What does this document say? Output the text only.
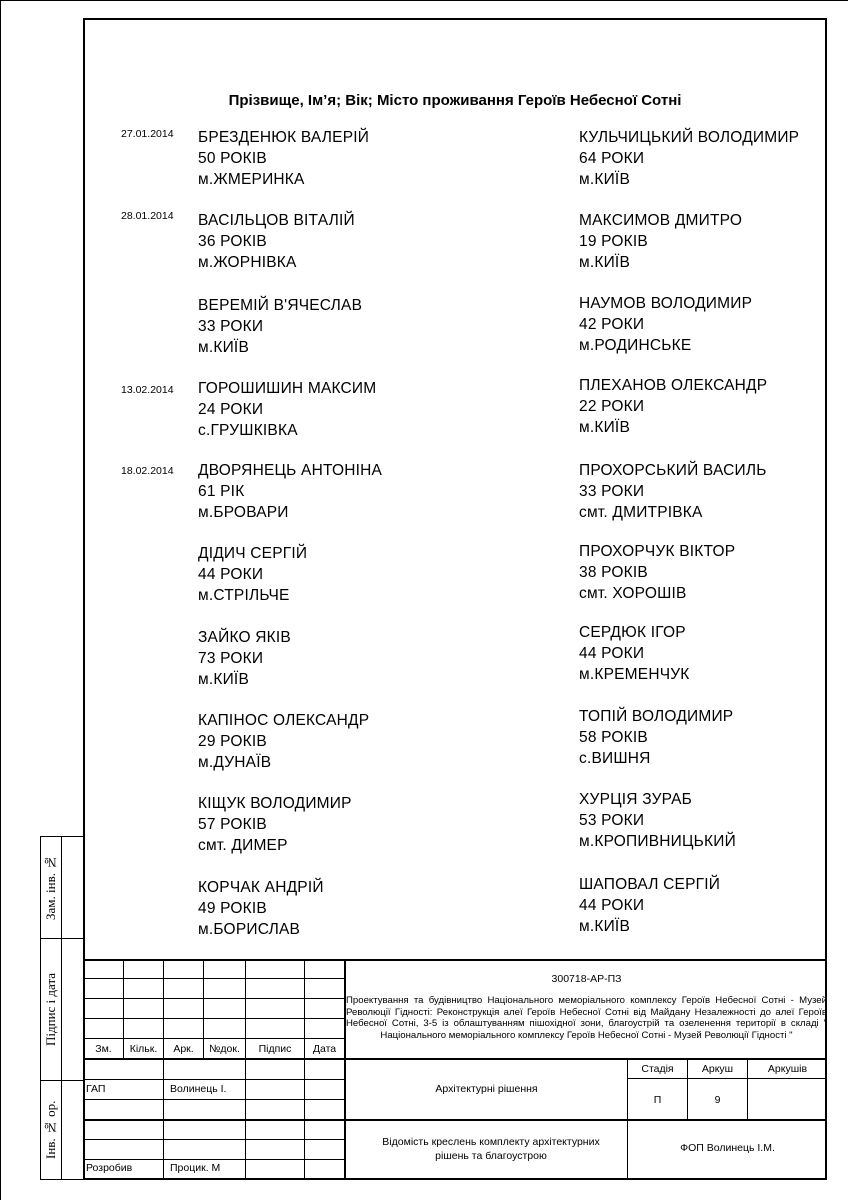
Прізвище, Ім’я; Вік; Місто проживання Героїв Небесної Сотні
27.01.2014 БРЕЗДЕНЮК ВАЛЕРІЙ
50 РОКІВ
м.ЖМЕРИНКА
28.01.2014 ВАСІЛЬЦОВ ВІТАЛІЙ
36 РОКІВ
м.ЖОРНІВКА
ВЕРЕМІЙ В'ЯЧЕСЛАВ
33 РОКИ
м.КИЇВ
13.02.2014 ГОРОШИШИН МАКСИМ
24 РОКИ
с.ГРУШКІВКА
18.02.2014 ДВОРЯНЕЦЬ АНТОНІНА
61 РІК
м.БРОВАРИ
ДІДИЧ СЕРГІЙ
44 РОКИ
м.СТРІЛЬЧЕ
ЗАЙКО ЯКІВ
73 РОКИ
м.КИЇВ
КАПІНОС ОЛЕКСАНДР
29 РОКІВ
м.ДУНАЇВ
КІЩУК ВОЛОДИМИР
57 РОКІВ
смт. ДИМЕР
КОРЧАК АНДРІЙ
49 РОКІВ
м.БОРИСЛАВ
КУЛЬЧИЦЬКИЙ ВОЛОДИМИР
64 РОКИ
м.КИЇВ
МАКСИМОВ ДМИТРО
19 РОКІВ
м.КИЇВ
НАУМОВ ВОЛОДИМИР
42 РОКИ
м.РОДИНСЬКЕ
ПЛЕХАНОВ ОЛЕКСАНДР
22 РОКИ
м.КИЇВ
ПРОХОРСЬКИЙ ВАСИЛЬ
33 РОКИ
смт. ДМИТРІВКА
ПРОХОРЧУК ВІКТОР
38 РОКІВ
смт. ХОРОШІВ
СЕРДЮК ІГОР
44 РОКИ
м.КРЕМЕНЧУК
ТОПІЙ ВОЛОДИМИР
58 РОКІВ
с.ВИШНЯ
ХУРЦІЯ ЗУРАБ
53 РОКИ
м.КРОПИВНИЦЬКИЙ
ШАПОВАЛ СЕРГІЙ
44 РОКИ
м.КИЇВ
Зам. інв. №
Підпис і дата
Інв. № ор.
Зм.	Кільк.	Арк.	№док.	Підпис	Дата
ГАП	Волинець І.
Розробив	Процик. М
300718-АР-ПЗ
Проектування та будівництво Національного меморіального комплексу Героїв Небесної Сотні - Музей Революції Гідності: Реконструкція алеї Героїв Небесної Сотні від Майдану Незалежності до алеї Героїв Небесної Сотні, 3-5 із облаштуванням пішохідної зони, благоустрій та озеленення території в складі " Національного меморіального комплексу Героїв Небесної Сотні - Музей Революції Гідності "
Архітектурні рішення
Стадія	Аркуш	Аркушів
П	9
Відомість креслень комплекту архітектурних рішень та благоустрою
ФОП Волинець І.М.
